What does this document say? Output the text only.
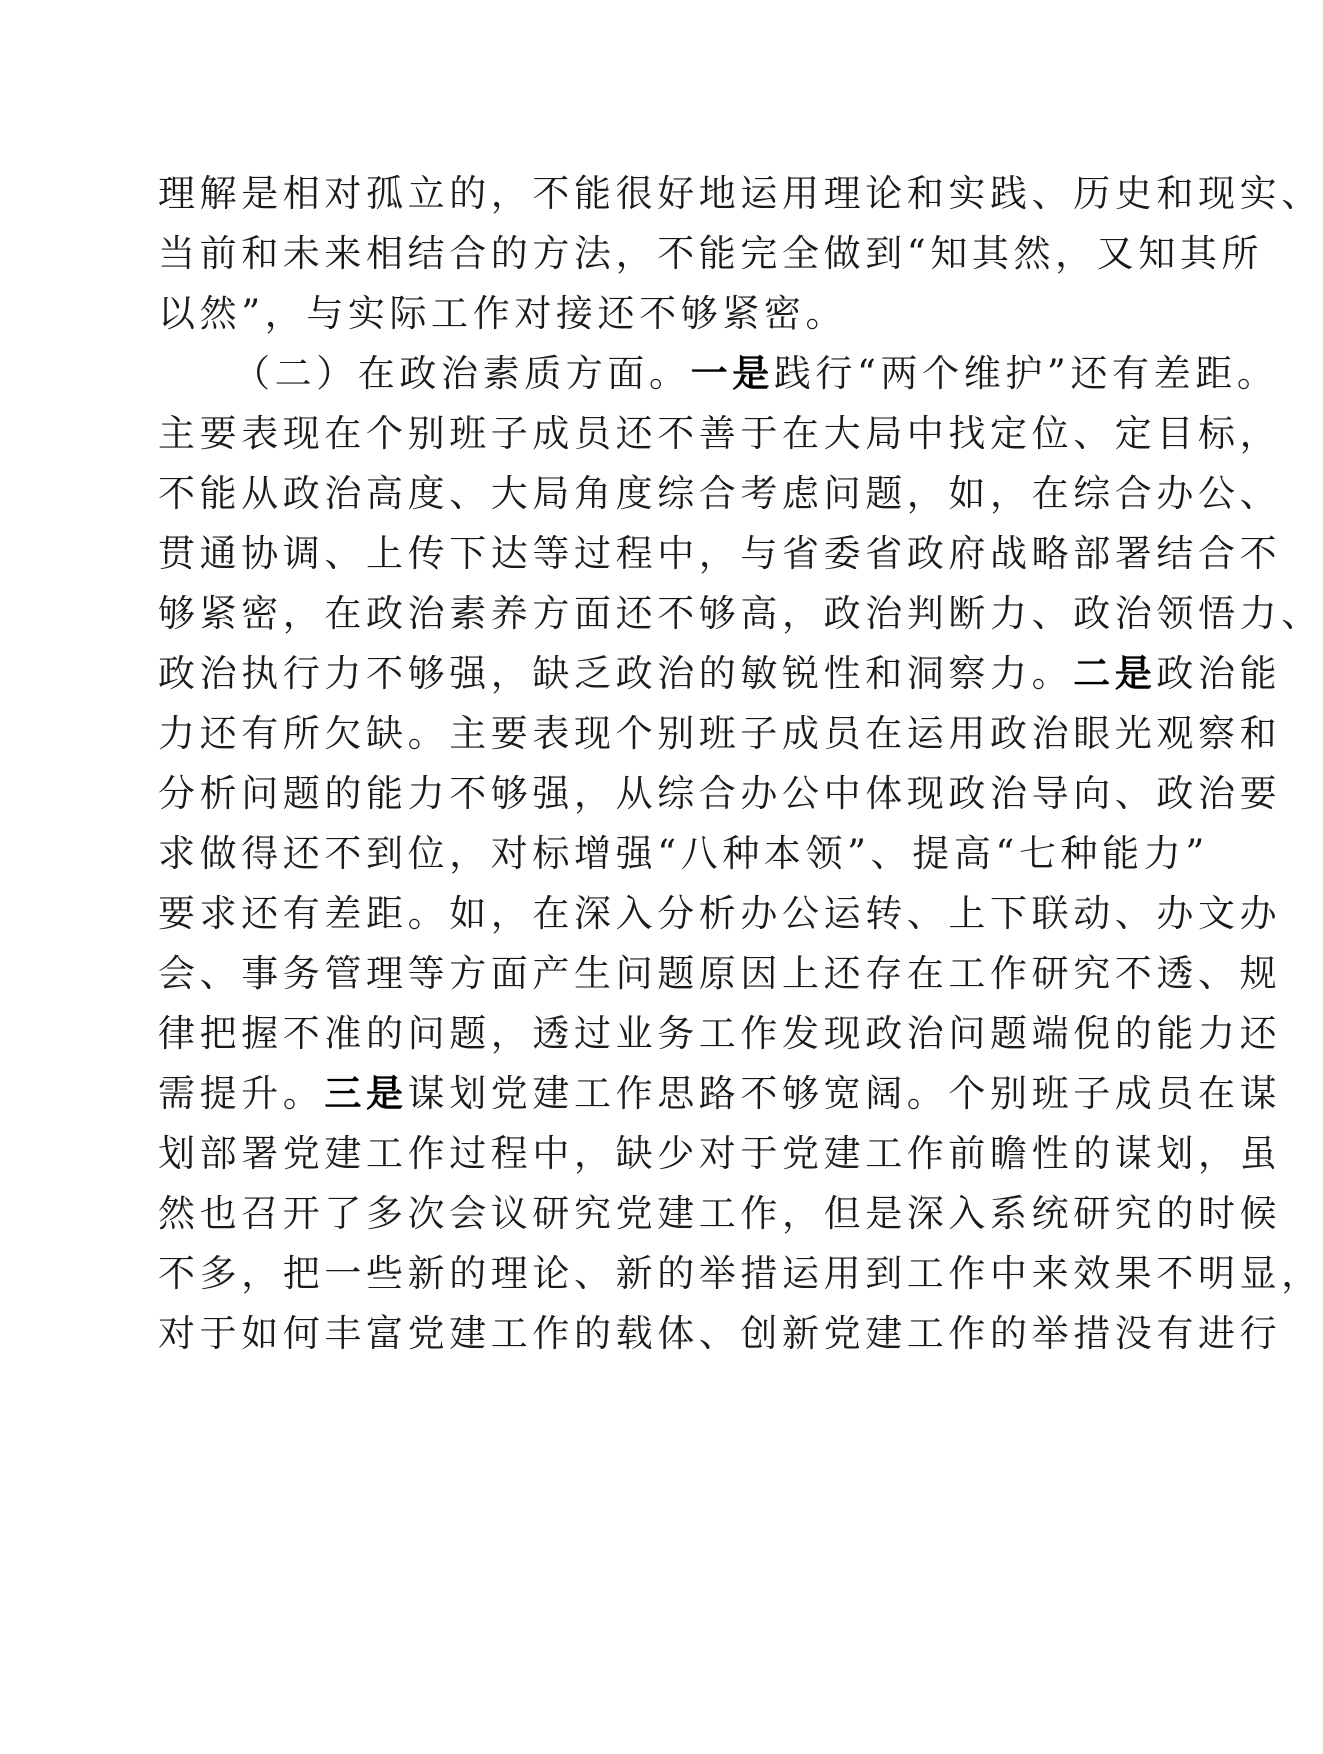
理解是相对孤立的，不能很好地运用理论和实践、历史和现实、
当前和未来相结合的方法，不能完全做到“知其然，又知其所
以然”，与实际工作对接还不够紧密。
（二）在政治素质方面。一是践行“两个维护”还有差距。
主要表现在个别班子成员还不善于在大局中找定位、定目标，
不能从政治高度、大局角度综合考虑问题，如，在综合办公、
贯通协调、上传下达等过程中，与省委省政府战略部署结合不
够紧密，在政治素养方面还不够高，政治判断力、政治领悟力、
政治执行力不够强，缺乏政治的敏锐性和洞察力。二是政治能
力还有所欠缺。主要表现个别班子成员在运用政治眼光观察和
分析问题的能力不够强，从综合办公中体现政治导向、政治要
求做得还不到位，对标增强“八种本领”、提高“七种能力”
要求还有差距。如，在深入分析办公运转、上下联动、办文办
会、事务管理等方面产生问题原因上还存在工作研究不透、规
律把握不准的问题，透过业务工作发现政治问题端倪的能力还
需提升。三是谋划党建工作思路不够宽阔。个别班子成员在谋
划部署党建工作过程中，缺少对于党建工作前瞻性的谋划，虽
然也召开了多次会议研究党建工作，但是深入系统研究的时候
不多，把一些新的理论、新的举措运用到工作中来效果不明显，
对于如何丰富党建工作的载体、创新党建工作的举措没有进行
